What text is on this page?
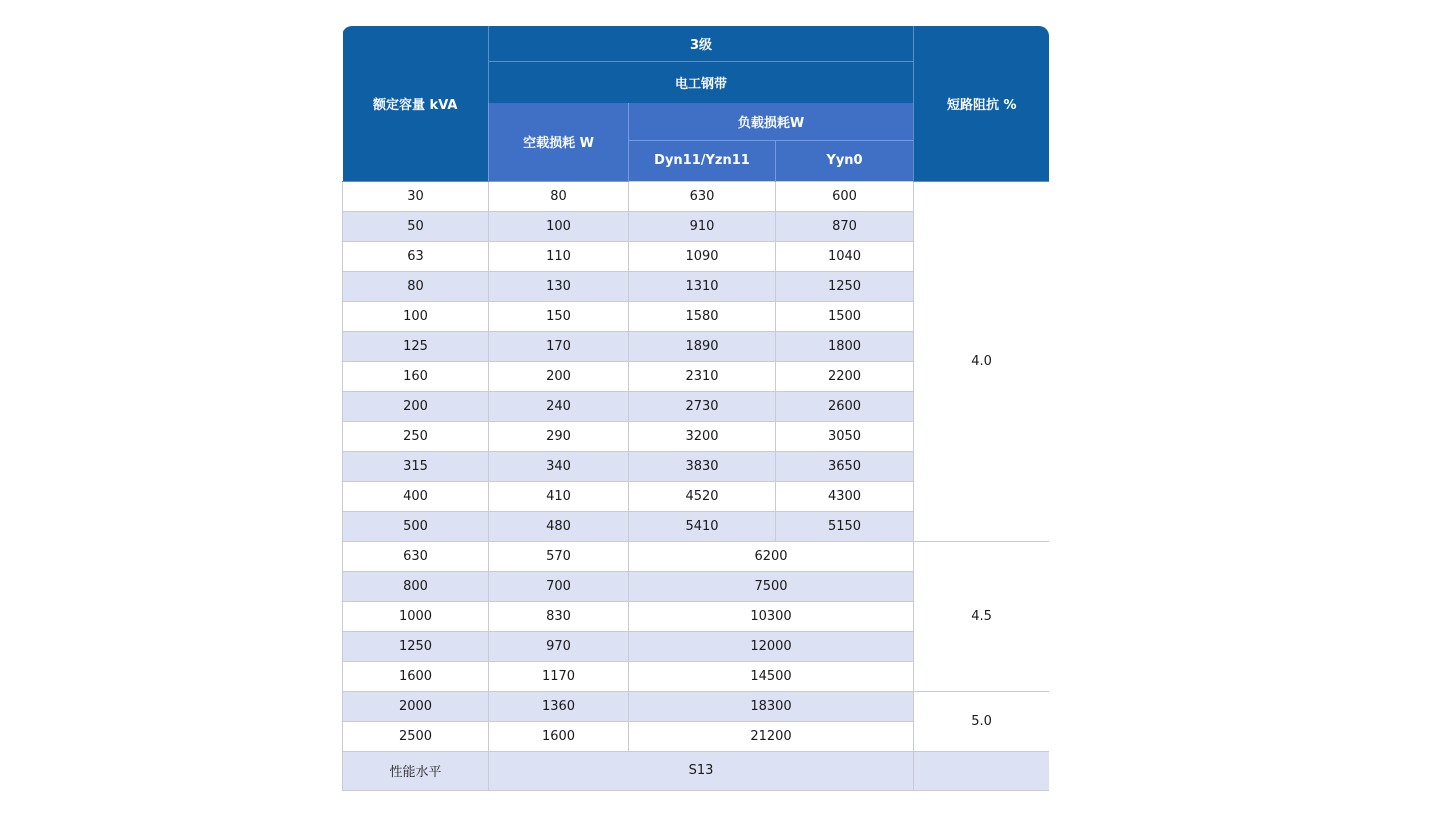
额定容量 kVA	3级			短路阻抗 %
	电工钢带			
	空载损耗 W	负载损耗W		
		Dyn11/Yzn11	Yyn0	
30	80	630	600	4.0
50	100	910	870	
63	110	1090	1040	
80	130	1310	1250	
100	150	1580	1500	
125	170	1890	1800	
160	200	2310	2200	
200	240	2730	2600	
250	290	3200	3050	
315	340	3830	3650	
400	410	4520	4300	
500	480	5410	5150	
630	570	6200		4.5
800	700	7500		
1000	830	10300		
1250	970	12000		
1600	1170	14500		
2000	1360	18300		5.0
2500	1600	21200		
性能水平	S13			
